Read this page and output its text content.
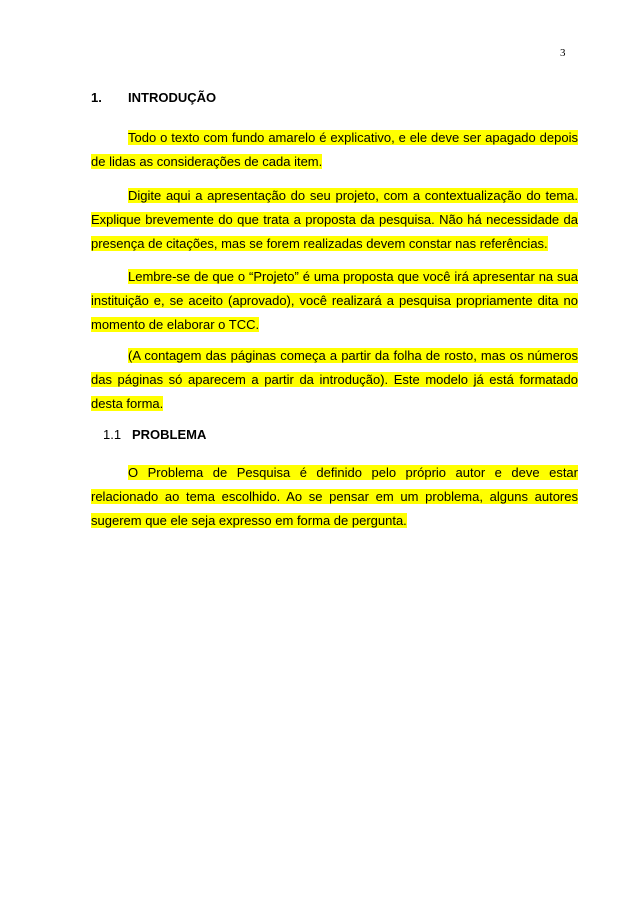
3
1. INTRODUÇÃO

Todo o texto com fundo amarelo é explicativo, e ele deve ser apagado depois de lidas as considerações de cada item.

Digite aqui a apresentação do seu projeto, com a contextualização do tema. Explique brevemente do que trata a proposta da pesquisa. Não há necessidade da presença de citações, mas se forem realizadas devem constar nas referências.

Lembre-se de que o “Projeto” é uma proposta que você irá apresentar na sua instituição e, se aceito (aprovado), você realizará a pesquisa propriamente dita no momento de elaborar o TCC.

(A contagem das páginas começa a partir da folha de rosto, mas os números das páginas só aparecem a partir da introdução). Este modelo já está formatado desta forma.

1.1 PROBLEMA

O Problema de Pesquisa é definido pelo próprio autor e deve estar relacionado ao tema escolhido. Ao se pensar em um problema, alguns autores sugerem que ele seja expresso em forma de pergunta.
